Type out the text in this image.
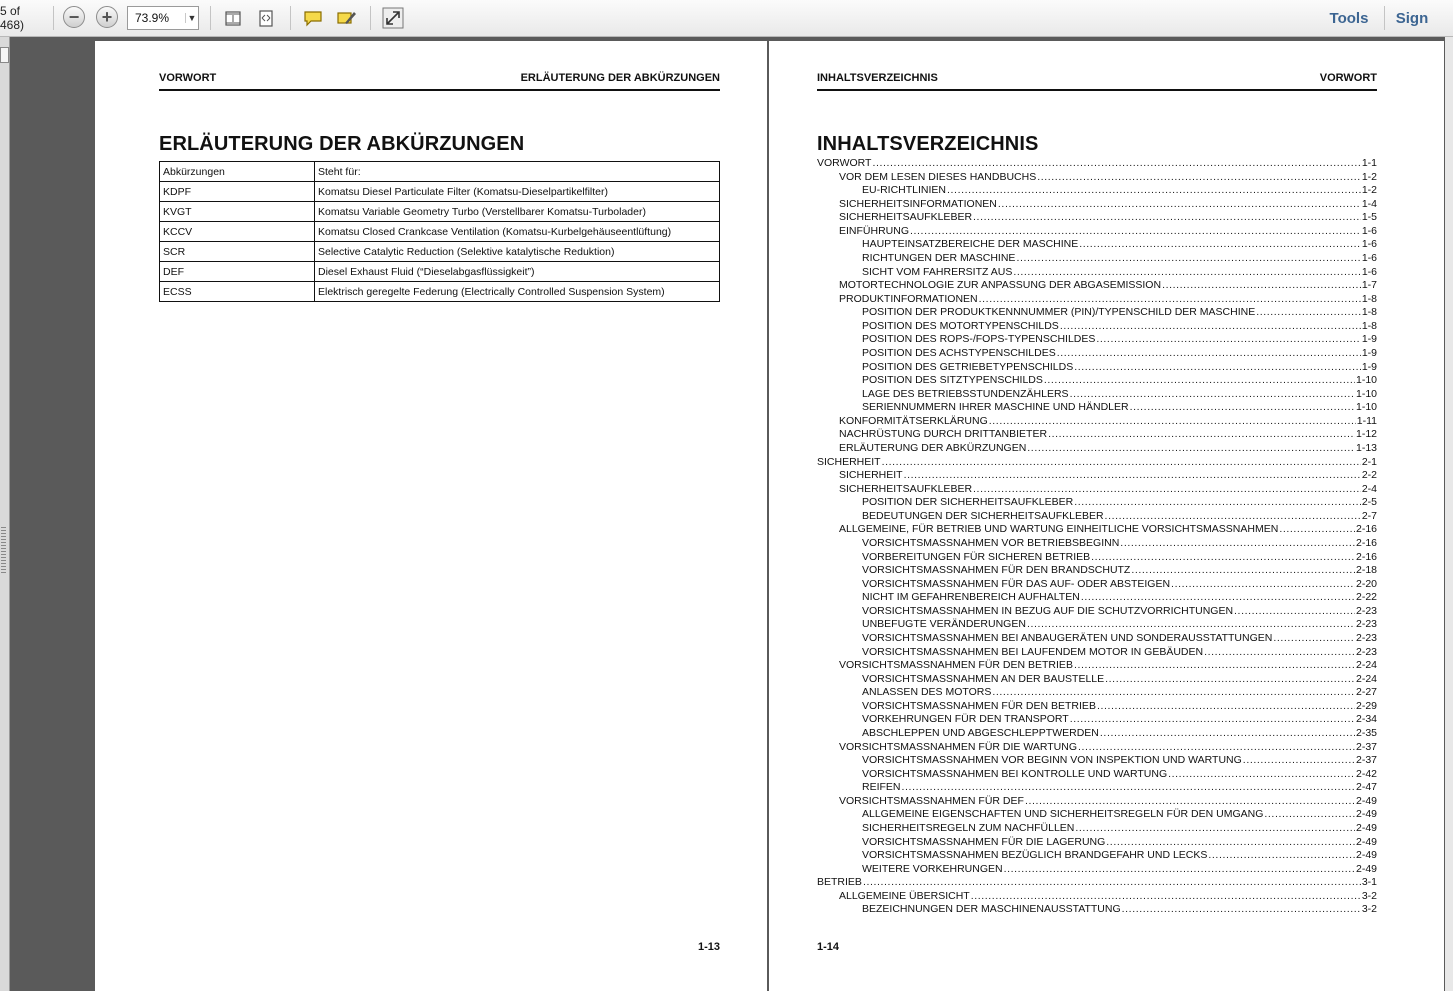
5 of 468)	− +
73.9%	▼	Tools	Sign
VORWORT	ERLÄUTERUNG DER ABKÜRZUNGEN
ERLÄUTERUNG DER ABKÜRZUNGEN
Abkürzungen	Steht für:
KDPF	Komatsu Diesel Particulate Filter (Komatsu-Dieselpartikelfilter)
KVGT	Komatsu Variable Geometry Turbo (Verstellbarer Komatsu-Turbolader)
KCCV	Komatsu Closed Crankcase Ventilation (Komatsu-Kurbelgehäuseentlüftung)
SCR	Selective Catalytic Reduction (Selektive katalytische Reduktion)
DEF	Diesel Exhaust Fluid (“Dieselabgasflüssigkeit”)
ECSS	Elektrisch geregelte Federung (Electrically Controlled Suspension System)
1-13
INHALTSVERZEICHNIS	VORWORT
INHALTSVERZEICHNIS
VORWORT .....	1-1
VOR DEM LESEN DIESES HANDBUCHS .....	1-2
EU-RICHTLINIEN .....	1-2
SICHERHEITSINFORMATIONEN .....	1-4
SICHERHEITSAUFKLEBER .....	1-5
EINFÜHRUNG .....	1-6
HAUPTEINSATZBEREICHE DER MASCHINE .....	1-6
RICHTUNGEN DER MASCHINE .....	1-6
SICHT VOM FAHRERSITZ AUS .....	1-6
MOTORTECHNOLOGIE ZUR ANPASSUNG DER ABGASEMISSION .....	1-7
PRODUKTINFORMATIONEN .....	1-8
POSITION DER PRODUKTKENNNUMMER (PIN)/TYPENSCHILD DER MASCHINE .....	1-8
POSITION DES MOTORTYPENSCHILDS .....	1-8
POSITION DES ROPS-/FOPS-TYPENSCHILDES .....	1-9
POSITION DES ACHSTYPENSCHILDES .....	1-9
POSITION DES GETRIEBETYPENSCHILDS .....	1-9
POSITION DES SITZTYPENSCHILDS .....	1-10
LAGE DES BETRIEBSSTUNDENZÄHLERS .....	1-10
SERIENNUMMERN IHRER MASCHINE UND HÄNDLER .....	1-10
KONFORMITÄTSERKLÄRUNG .....	1-11
NACHRÜSTUNG DURCH DRITTANBIETER .....	1-12
ERLÄUTERUNG DER ABKÜRZUNGEN .....	1-13
SICHERHEIT .....	2-1
SICHERHEIT .....	2-2
SICHERHEITSAUFKLEBER .....	2-4
POSITION DER SICHERHEITSAUFKLEBER .....	2-5
BEDEUTUNGEN DER SICHERHEITSAUFKLEBER .....	2-7
ALLGEMEINE, FÜR BETRIEB UND WARTUNG EINHEITLICHE VORSICHTSMASSNAHMEN .....	2-16
VORSICHTSMASSNAHMEN VOR BETRIEBSBEGINN .....	2-16
VORBEREITUNGEN FÜR SICHEREN BETRIEB .....	2-16
VORSICHTSMASSNAHMEN FÜR DEN BRANDSCHUTZ .....	2-18
VORSICHTSMASSNAHMEN FÜR DAS AUF- ODER ABSTEIGEN .....	2-20
NICHT IM GEFAHRENBEREICH AUFHALTEN .....	2-22
VORSICHTSMASSNAHMEN IN BEZUG AUF DIE SCHUTZVORRICHTUNGEN .....	2-23
UNBEFUGTE VERÄNDERUNGEN .....	2-23
VORSICHTSMASSNAHMEN BEI ANBAUGERÄTEN UND SONDERAUSSTATTUNGEN .....	2-23
VORSICHTSMASSNAHMEN BEI LAUFENDEM MOTOR IN GEBÄUDEN .....	2-23
VORSICHTSMASSNAHMEN FÜR DEN BETRIEB .....	2-24
VORSICHTSMASSNAHMEN AN DER BAUSTELLE .....	2-24
ANLASSEN DES MOTORS .....	2-27
VORSICHTSMASSNAHMEN FÜR DEN BETRIEB .....	2-29
VORKEHRUNGEN FÜR DEN TRANSPORT .....	2-34
ABSCHLEPPEN UND ABGESCHLEPPTWERDEN .....	2-35
VORSICHTSMASSNAHMEN FÜR DIE WARTUNG .....	2-37
VORSICHTSMASSNAHMEN VOR BEGINN VON INSPEKTION UND WARTUNG .....	2-37
VORSICHTSMASSNAHMEN BEI KONTROLLE UND WARTUNG .....	2-42
REIFEN .....	2-47
VORSICHTSMASSNAHMEN FÜR DEF .....	2-49
ALLGEMEINE EIGENSCHAFTEN UND SICHERHEITSREGELN FÜR DEN UMGANG .....	2-49
SICHERHEITSREGELN ZUM NACHFÜLLEN .....	2-49
VORSICHTSMASSNAHMEN FÜR DIE LAGERUNG .....	2-49
VORSICHTSMASSNAHMEN BEZÜGLICH BRANDGEFAHR UND LECKS .....	2-49
WEITERE VORKEHRUNGEN .....	2-49
BETRIEB .....	3-1
ALLGEMEINE ÜBERSICHT .....	3-2
BEZEICHNUNGEN DER MASCHINENAUSSTATTUNG .....	3-2
1-14
